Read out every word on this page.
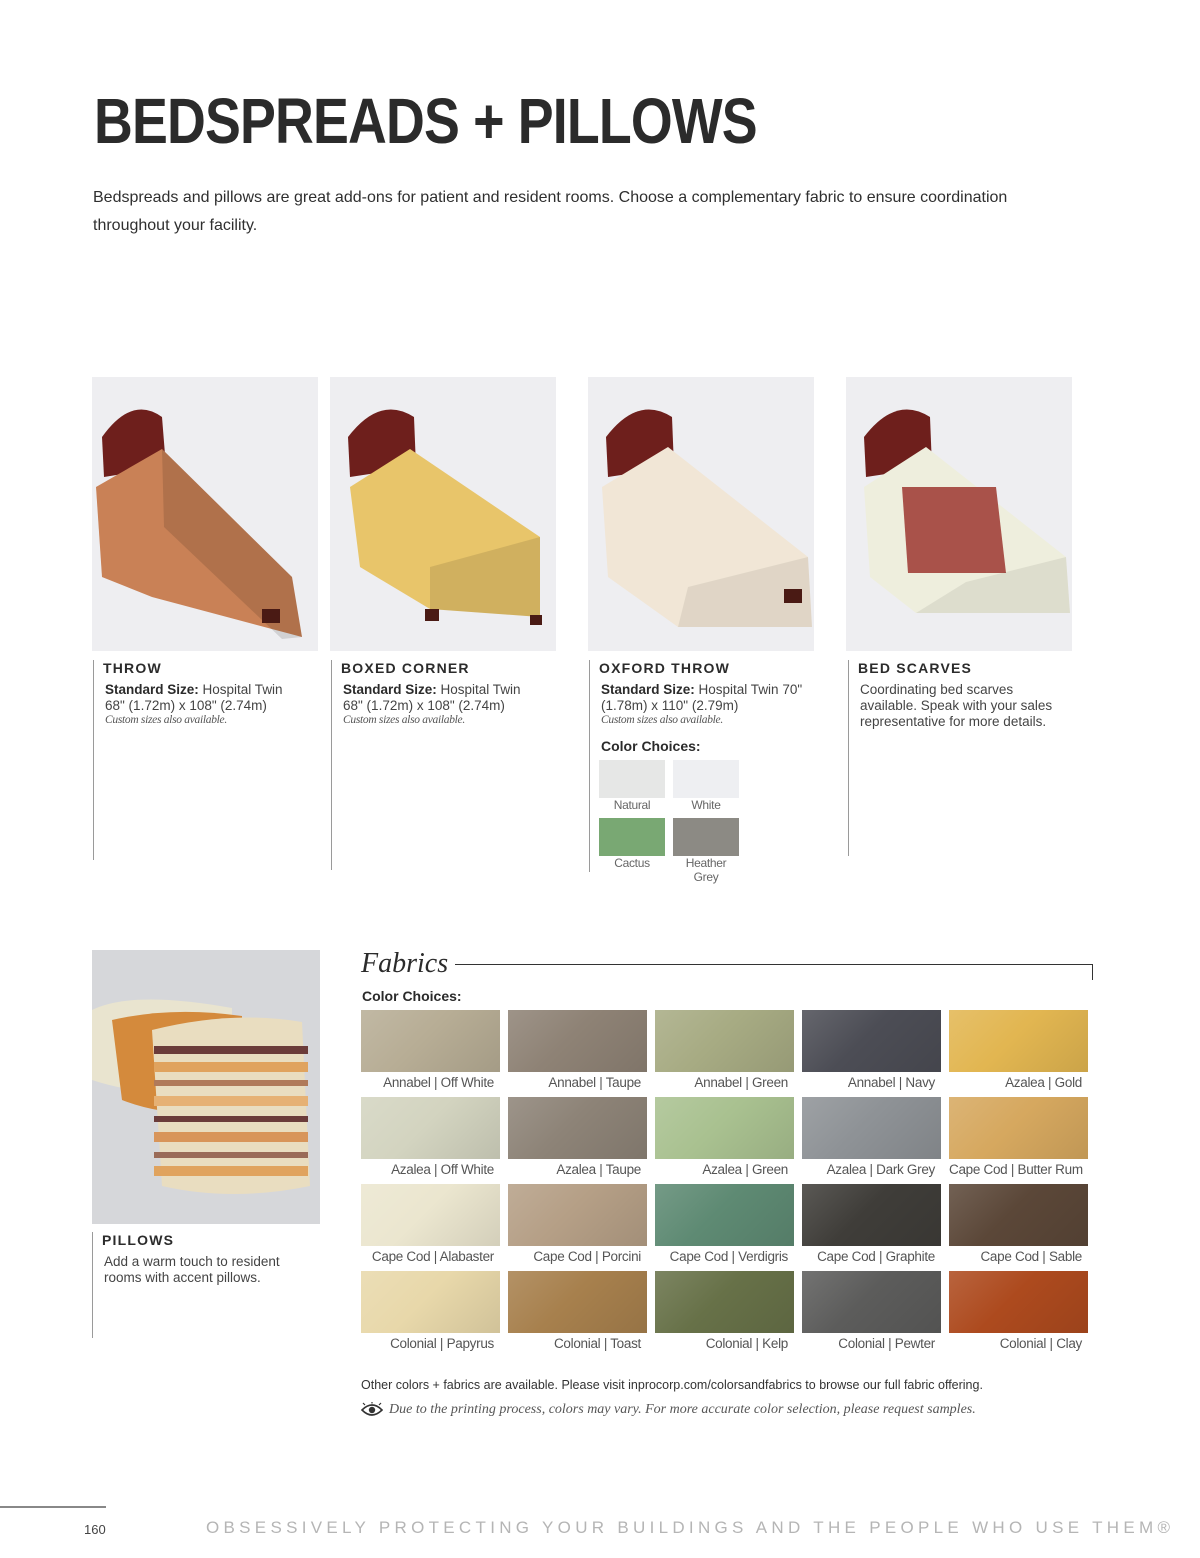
BEDSPREADS + PILLOWS
Bedspreads and pillows are great add-ons for patient and resident rooms. Choose a complementary fabric to ensure coordination throughout your facility.
THROW
Standard Size: Hospital Twin
68" (1.72m) x 108" (2.74m)
Custom sizes also available.
BOXED CORNER
Standard Size: Hospital Twin
68" (1.72m) x 108" (2.74m)
Custom sizes also available.
OXFORD THROW
Standard Size: Hospital Twin 70"
(1.78m) x 110" (2.79m)
Custom sizes also available.
Color Choices:
Natural	White
Cactus	Heather Grey
BED SCARVES
Coordinating bed scarves available. Speak with your sales representative for more details.
PILLOWS
Add a warm touch to resident rooms with accent pillows.
Fabrics
Color Choices:
Annabel | Off White	Annabel | Taupe	Annabel | Green	Annabel | Navy	Azalea | Gold
Azalea | Off White	Azalea | Taupe	Azalea | Green	Azalea | Dark Grey	Cape Cod | Butter Rum
Cape Cod | Alabaster	Cape Cod | Porcini	Cape Cod | Verdigris	Cape Cod | Graphite	Cape Cod | Sable
Colonial | Papyrus	Colonial | Toast	Colonial | Kelp	Colonial | Pewter	Colonial | Clay
Other colors + fabrics are available. Please visit inprocorp.com/colorsandfabrics to browse our full fabric offering.
Due to the printing process, colors may vary. For more accurate color selection, please request samples.
160	OBSESSIVELY PROTECTING YOUR BUILDINGS AND THE PEOPLE WHO USE THEM®
